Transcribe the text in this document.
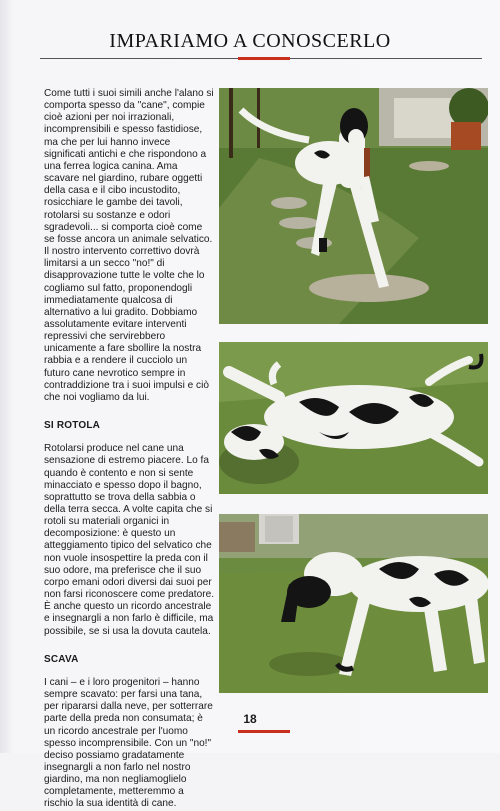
IMPARIAMO A CONOSCERLO

Come tutti i suoi simili anche l'alano si comporta spesso da "cane", compie cioè azioni per noi irrazionali, incomprensibili e spesso fastidiose, ma che per lui hanno invece significati antichi e che rispondono a una ferrea logica canina. Ama scavare nel giardino, rubare oggetti della casa e il cibo incustodito, rosicchiare le gambe dei tavoli, rotolarsi su sostanze e odori sgradevoli... si comporta cioè come se fosse ancora un animale selvatico. Il nostro intervento correttivo dovrà limitarsi a un secco "no!" di disapprovazione tutte le volte che lo cogliamo sul fatto, proponendogli immediatamente qualcosa di alternativo a lui gradito. Dobbiamo assolutamente evitare interventi repressivi che servirebbero unicamente a fare sbollire la nostra rabbia e a rendere il cucciolo un futuro cane nevrotico sempre in contraddizione tra i suoi impulsi e ciò che noi vogliamo da lui.

SI ROTOLA

Rotolarsi produce nel cane una sensazione di estremo piacere. Lo fa quando è contento e non si sente minacciato e spesso dopo il bagno, soprattutto se trova della sabbia o della terra secca. A volte capita che si rotoli su materiali organici in decomposizione: è questo un atteggiamento tipico del selvatico che non vuole insospettire la preda con il suo odore, ma preferisce che il suo corpo emani odori diversi dai suoi per non farsi riconoscere come predatore. È anche questo un ricordo ancestrale e insegnargli a non farlo è difficile, ma possibile, se si usa la dovuta cautela.

SCAVA

I cani – e i loro progenitori – hanno sempre scavato: per farsi una tana, per ripararsi dalla neve, per sotterrare parte della preda non consumata; è un ricordo ancestrale per l'uomo spesso incomprensibile. Con un "no!" deciso possiamo gradatamente insegnargli a non farlo nel nostro giardino, ma non negliamoglielo completamente, metteremmo a rischio la sua identità di cane.

18
